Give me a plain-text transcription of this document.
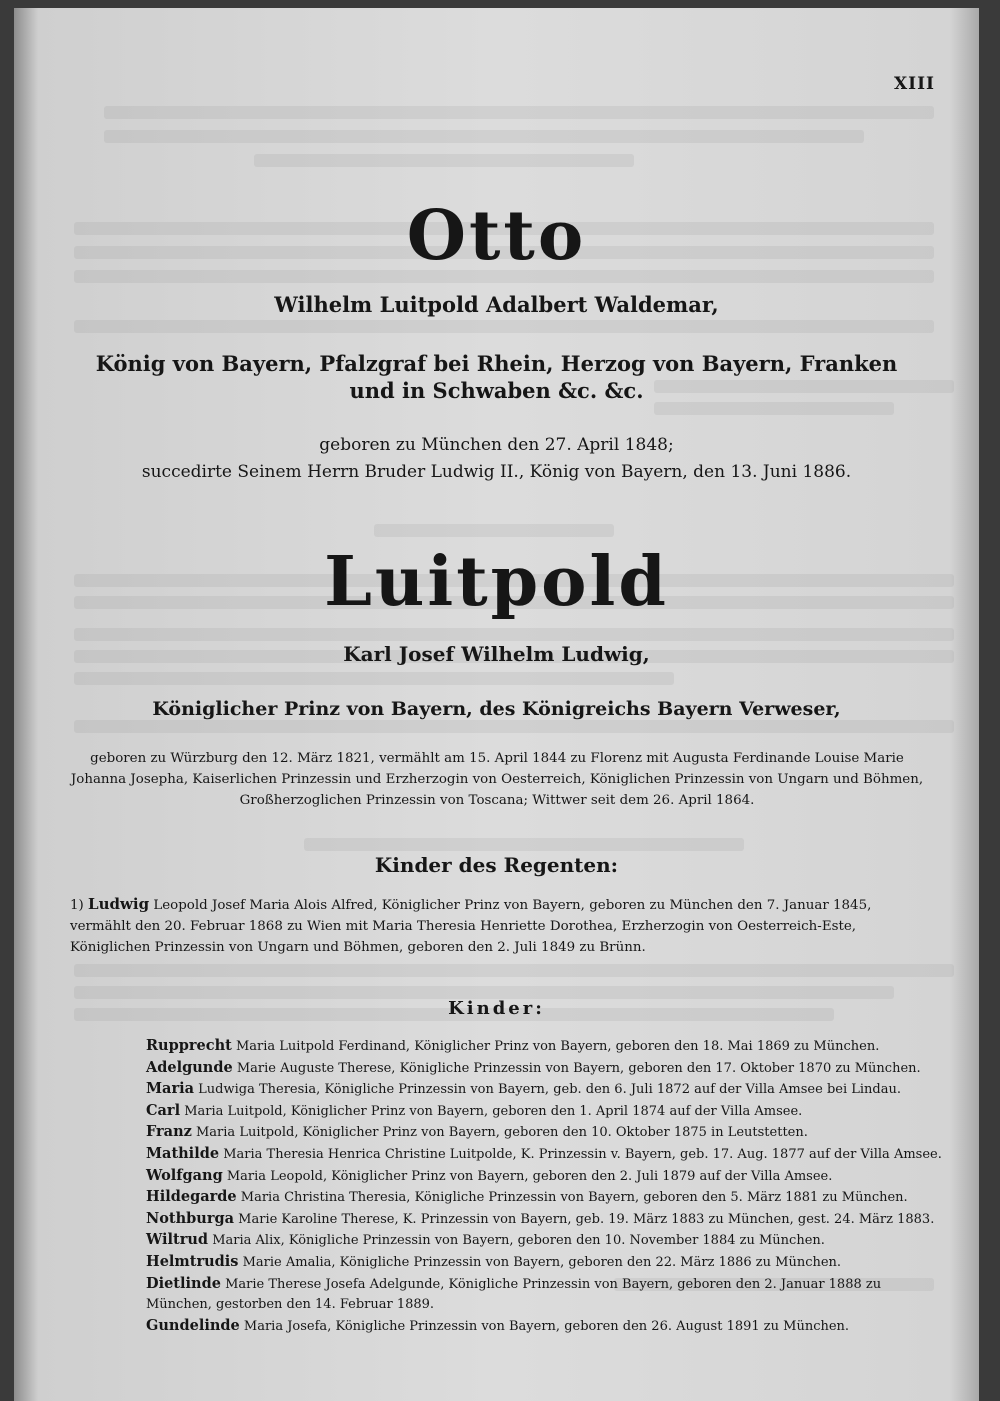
XIII
Otto
Wilhelm Luitpold Adalbert Waldemar,
König von Bayern, Pfalzgraf bei Rhein, Herzog von Bayern, Franken
und in Schwaben &c. &c.
geboren zu München den 27. April 1848;
succedirte Seinem Herrn Bruder Ludwig II., König von Bayern, den 13. Juni 1886.
Luitpold
Karl Josef Wilhelm Ludwig,
Königlicher Prinz von Bayern, des Königreichs Bayern Verweser,
geboren zu Würzburg den 12. März 1821, vermählt am 15. April 1844 zu Florenz mit Augusta Ferdinande Louise Marie
Johanna Josepha, Kaiserlichen Prinzessin und Erzherzogin von Oesterreich, Königlichen Prinzessin von Ungarn und Böhmen,
Großherzoglichen Prinzessin von Toscana; Wittwer seit dem 26. April 1864.
Kinder des Regenten:
1) Ludwig Leopold Josef Maria Alois Alfred, Königlicher Prinz von Bayern, geboren zu München den 7. Januar 1845,
vermählt den 20. Februar 1868 zu Wien mit Maria Theresia Henriette Dorothea, Erzherzogin von Oesterreich-Este,
Königlichen Prinzessin von Ungarn und Böhmen, geboren den 2. Juli 1849 zu Brünn.
Kinder:
Rupprecht Maria Luitpold Ferdinand, Königlicher Prinz von Bayern, geboren den 18. Mai 1869 zu München.
Adelgunde Marie Auguste Therese, Königliche Prinzessin von Bayern, geboren den 17. Oktober 1870 zu München.
Maria Ludwiga Theresia, Königliche Prinzessin von Bayern, geb. den 6. Juli 1872 auf der Villa Amsee bei Lindau.
Carl Maria Luitpold, Königlicher Prinz von Bayern, geboren den 1. April 1874 auf der Villa Amsee.
Franz Maria Luitpold, Königlicher Prinz von Bayern, geboren den 10. Oktober 1875 in Leutstetten.
Mathilde Maria Theresia Henrica Christine Luitpolde, K. Prinzessin v. Bayern, geb. 17. Aug. 1877 auf der Villa Amsee.
Wolfgang Maria Leopold, Königlicher Prinz von Bayern, geboren den 2. Juli 1879 auf der Villa Amsee.
Hildegarde Maria Christina Theresia, Königliche Prinzessin von Bayern, geboren den 5. März 1881 zu München.
Nothburga Marie Karoline Therese, K. Prinzessin von Bayern, geb. 19. März 1883 zu München, gest. 24. März 1883.
Wiltrud Maria Alix, Königliche Prinzessin von Bayern, geboren den 10. November 1884 zu München.
Helmtrudis Marie Amalia, Königliche Prinzessin von Bayern, geboren den 22. März 1886 zu München.
Dietlinde Marie Therese Josefa Adelgunde, Königliche Prinzessin von Bayern, geboren den 2. Januar 1888 zu
München, gestorben den 14. Februar 1889.
Gundelinde Maria Josefa, Königliche Prinzessin von Bayern, geboren den 26. August 1891 zu München.
